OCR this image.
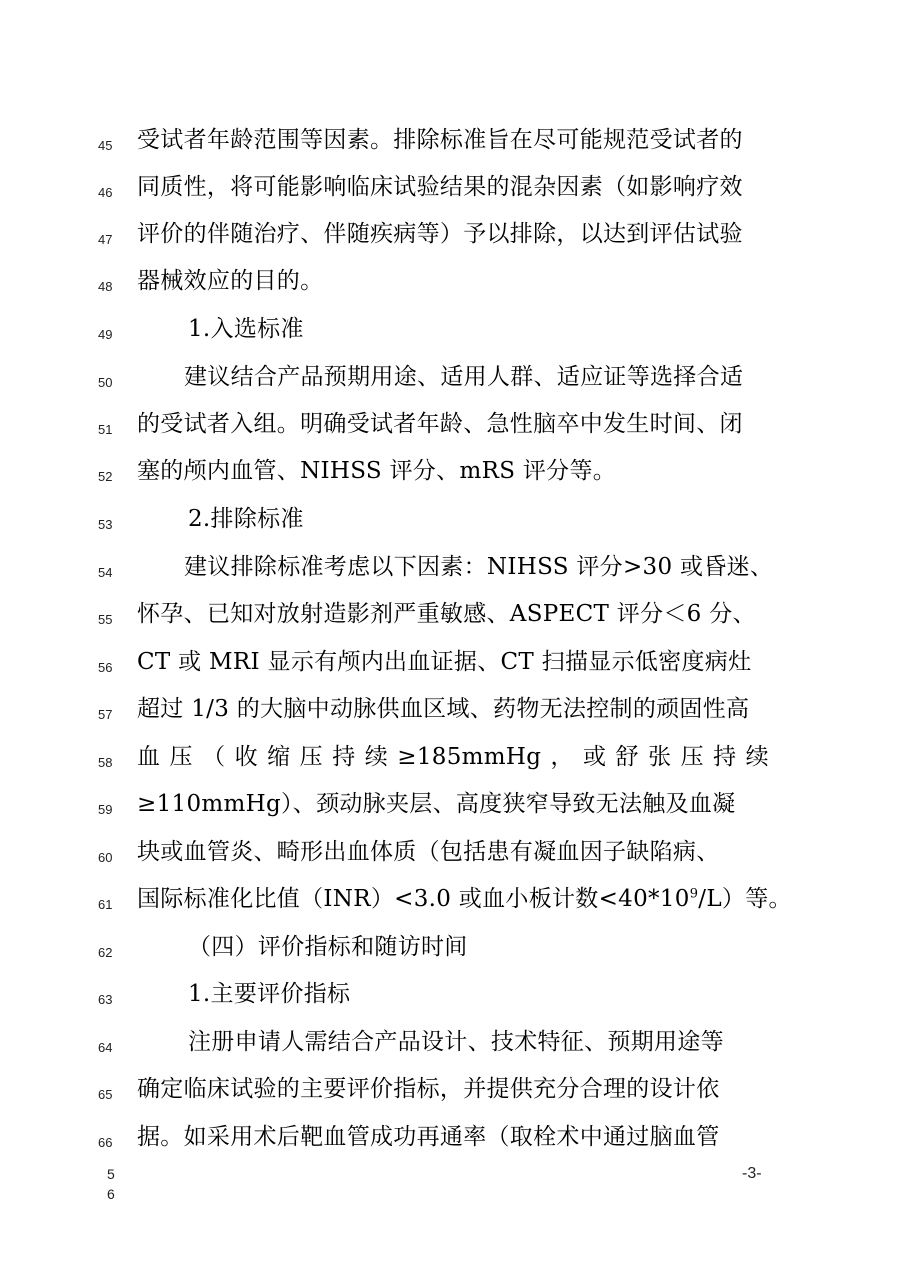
45	受试者年龄范围等因素。排除标准旨在尽可能规范受试者的
46	同质性，将可能影响临床试验结果的混杂因素（如影响疗效
47	评价的伴随治疗、伴随疾病等）予以排除，以达到评估试验
48	器械效应的目的。
49	1.入选标准
50	建议结合产品预期用途、适用人群、适应证等选择合适
51	的受试者入组。明确受试者年龄、急性脑卒中发生时间、闭
52	塞的颅内血管、NIHSS 评分、mRS 评分等。
53	2.排除标准
54	建议排除标准考虑以下因素：NIHSS 评分>30 或昏迷、
55	怀孕、已知对放射造影剂严重敏感、ASPECT 评分＜6 分、
56	CT 或 MRI 显示有颅内出血证据、CT 扫描显示低密度病灶
57	超过 1/3 的大脑中动脉供血区域、药物无法控制的顽固性高
58	血压（收缩压持续≥185mmHg，或舒张压持续
59	≥110mmHg）、颈动脉夹层、高度狭窄导致无法触及血凝
60	块或血管炎、畸形出血体质（包括患有凝血因子缺陷病、
61	国际标准化比值（INR）<3.0 或血小板计数$<40*10^9/L$）等。
62	（四）评价指标和随访时间
63	1.主要评价指标
64	注册申请人需结合产品设计、技术特征、预期用途等
65	确定临床试验的主要评价指标，并提供充分合理的设计依
66	据。如采用术后靶血管成功再通率（取栓术中通过脑血管
5
6
-3-
